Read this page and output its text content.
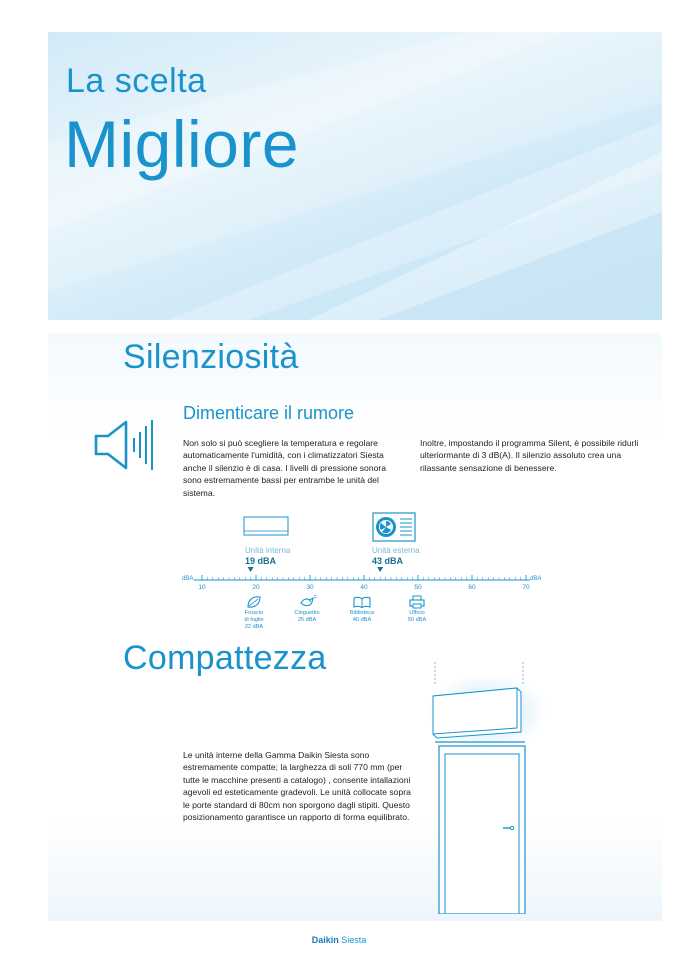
La scelta
Migliore
Silenziosità
Dimenticare il rumore
Non solo si può scegliere la temperatura e regolare automaticamente l'umidità, con i climatizzatori Siesta anche il silenzio è di casa. I livelli di pressione sonora sono estremamente bassi per entrambe le unità del sistema.
Inoltre, impostando il programma Silent, è possibile ridurli ulteriormante di 3 dB(A). Il silenzio assoluto crea una rilassante sensazione di benessere.
Unità interna
19 dBA
Unità esterna
43 dBA
dBA	dBA
10	20	30	40	50	60	70
Fruscio
di foglie
22 dBA
Cinguettio
25 dBA
Biblioteca
40 dBA
Ufficio
50 dBA
Compattezza
Le unità interne della Gamma Daikin Siesta sono estremamente compatte; la larghezza di soli 770 mm (per tutte le macchine presenti a catalogo) , consente intallazioni agevoli ed esteticamente gradevoli. Le unità collocate sopra le porte standard di 80cm non sporgono dagli stipiti. Questo posizionamento garantisce un rapporto di forma equilibrato.
Daikin Siesta
